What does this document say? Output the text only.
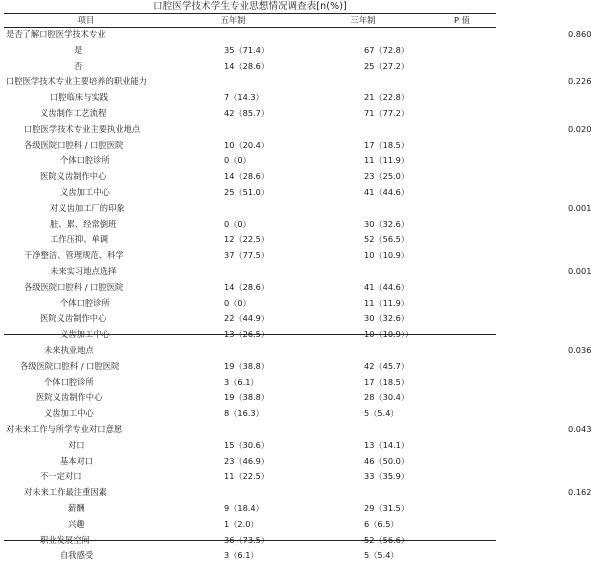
口腔医学技术学生专业思想情况调查表[n(%)]
项目	五年制	三年制	P 值
是否了解口腔医学技术专业			0.860
是	35（71.4）	67（72.8）	
否	14（28.6）	25（27.2）	
口腔医学技术专业主要培养的职业能力			0.226
口腔临床与实践	7（14.3）	21（22.8）	
义齿制作工艺流程	42（85.7）	71（77.2）	
口腔医学技术专业主要执业地点			0.020
各级医院口腔科 / 口腔医院	10（20.4）	17（18.5）	
个体口腔诊所	0（0）	11（11.9）	
医院义齿制作中心	14（28.6）	23（25.0）	
义齿加工中心	25（51.0）	41（44.6）	
对义齿加工厂的印象			0.001
脏、累、经常倒班	0（0）	30（32.6）	
工作压抑、单调	12（22.5）	52（56.5）	
干净整洁、管理规范、科学	37（77.5）	10（10.9）	
未来实习地点选择			0.001
各级医院口腔科 / 口腔医院	14（28.6）	41（44.6）	
个体口腔诊所	0（0）	11（11.9）	
医院义齿制作中心	22（44.9）	30（32.6）	
义齿加工中心	13（26.5）	10（10.9））	
未来执业地点			0.036
各级医院口腔科 / 口腔医院	19（38.8）	42（45.7）	
个体口腔诊所	3（6.1）	17（18.5）	
医院义齿制作中心	19（38.8）	28（30.4）	
义齿加工中心	8（16.3）	5（5.4）	
对未来工作与所学专业对口意愿			0.043
对口	15（30.6）	13（14.1）	
基本对口	23（46.9）	46（50.0）	
不一定对口	11（22.5）	33（35.9）	
对未来工作最注重因素			0.162
薪酬	9（18.4）	29（31.5）	
兴趣	1（2.0）	6（6.5）	
职业发展空间	36（73.5）	52（56.6）	
自我感受	3（6.1）	5（5.4）	
